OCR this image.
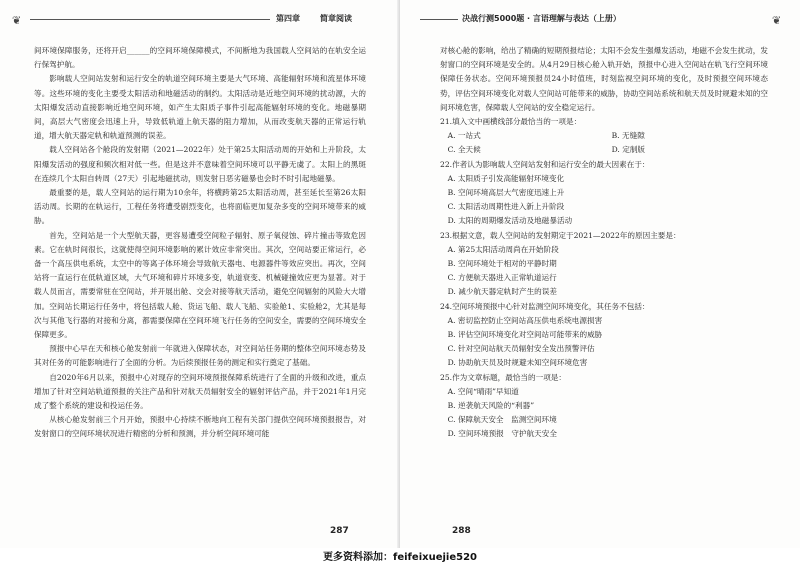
❦	第四章	简章阅读

间环境保障服务，还将开启______的空间环境保障模式，不间断地为我国载人空间站的在轨安全运行保驾护航。

影响载人空间站发射和运行安全的轨道空间环境主要是大气环境、高能辐射环境和流星体环境等。这些环境的变化主要受太阳活动和地磁活动的制约。太阳活动是近地空间环境的扰动源，大的太阳爆发活动直接影响近地空间环境，如产生太阳质子事件引起高能辐射环境的变化。地磁暴期间，高层大气密度会迅速上升，导致低轨道上航天器的阻力增加，从而改变航天器的正常运行轨道，增大航天器定轨和轨道预测的误差。

载人空间站各个舱段的发射期（2021—2022年）处于第25太阳活动周的开始和上升阶段，太阳爆发活动的强度和频次相对低一些。但是这并不意味着空间环境可以平静无虞了。太阳上的黑斑在连续几个太阳自转周（27天）引起地磁扰动，则发射日恶劣磁暴也会时不时引起地磁暴。

最重要的是，载人空间站的运行期为10余年，将横跨第25太阳活动周，甚至延长至第26太阳活动周。长期的在轨运行，工程任务将遭受剧烈变化，也将面临更加复杂多变的空间环境带来的威胁。

首先，空间站是一个大型航天器，更容易遭受空间粒子辐射、原子氧侵蚀、碎片撞击等致危因素。它在轨时间很长，这就使得空间环境影响的累计效应非常突出。其次，空间站要正常运行，必备一个高压供电系统，太空中的等离子体环境会导致航天器电、电源器件等效应突出。再次，空间站将一直运行在低轨道区域，大气环境和碎片环境多变，轨道衰变、机械碰撞效应更为显著。对于载人员而言，需要常驻在空间站，并开展出舱、交会对接等航天活动，避免空间辐射的风险大大增加。空间站长期运行任务中，将包括载人舱、货运飞船、载人飞船、实验舱1、实验舱2，尤其是每次与其他飞行器的对接和分离，都需要保障在空间环境飞行任务的空间安全，需要的空间环境安全保障更多。

预报中心早在天和核心舱发射前一年就进入保障状态，对空间站任务期的整体空间环境态势及其对任务的可能影响进行了全面的分析。为后续预报任务的测定和实行奠定了基础。

自2020年6月以来，预报中心对现存的空间环境预报保障系统进行了全面的升级和改进，重点增加了针对空间站轨道预报的关注产品和针对航天员辐射安全的辐射评估产品，并于2021年1月完成了整个系统的建设和投运任务。

从核心舱发射前三个月开始，预报中心持续不断地向工程有关部门提供空间环境预报报告，对发射窗口的空间环境状况进行精密的分析和预测，并分析空间环境可能

287
决战行测5000题 · 言语理解与表达（上册）	❦

对核心舱的影响，给出了精确的短期预报结论；太阳不会发生强爆发活动，地磁不会发生扰动，发射窗口的空间环境是安全的。从4月29日核心舱入轨开始，预报中心进入空间站在轨飞行空间环境保障任务状态。空间环境预报员24小时值班，时刻监视空间环境的变化，及时预报空间环境态势，评估空间环境变化对载人空间站可能带来的威胁，协助空间站系统和航天员及时规避未知的空间环境危害，保障载人空间站的安全稳定运行。

21.填入文中画横线部分最恰当的一项是：

A. 一站式	B. 无缝隙

C. 全天候	D. 定制版

22.作者认为影响载人空间站发射和运行安全的最大因素在于：

A. 太阳质子引发高能辐射环境变化

B. 空间环境高层大气密度迅速上升

C. 太阳活动周期性进入新上升阶段

D. 太阳的周期爆发活动及地磁暴活动

23.根据文意，载人空间站的发射期定于2021—2022年的原因主要是：

A. 第25太阳活动周尚在开始阶段

B. 空间环境处于相对的平静时期

C. 方便航天器进入正常轨道运行

D. 减少航天器定轨时产生的误差

24.空间环境预报中心针对监测空间环境变化，其任务不包括：

A. 密切监控防止空间站高压供电系统电源损害

B. 评估空间环境变化对空间站可能带来的威胁

C. 针对空间站航天员辐射安全发出预警评估

D. 协助航天员及时规避未知空间环境危害

25.作为文章标题，最恰当的一项是：

A. 空间“晴雨”早知道

B. 逆袭航天风险的“利器”

C. 保障航天安全　监测空间环境

D. 空间环境预报　守护航天安全

288
更多资料添加：feifeixuejie520
